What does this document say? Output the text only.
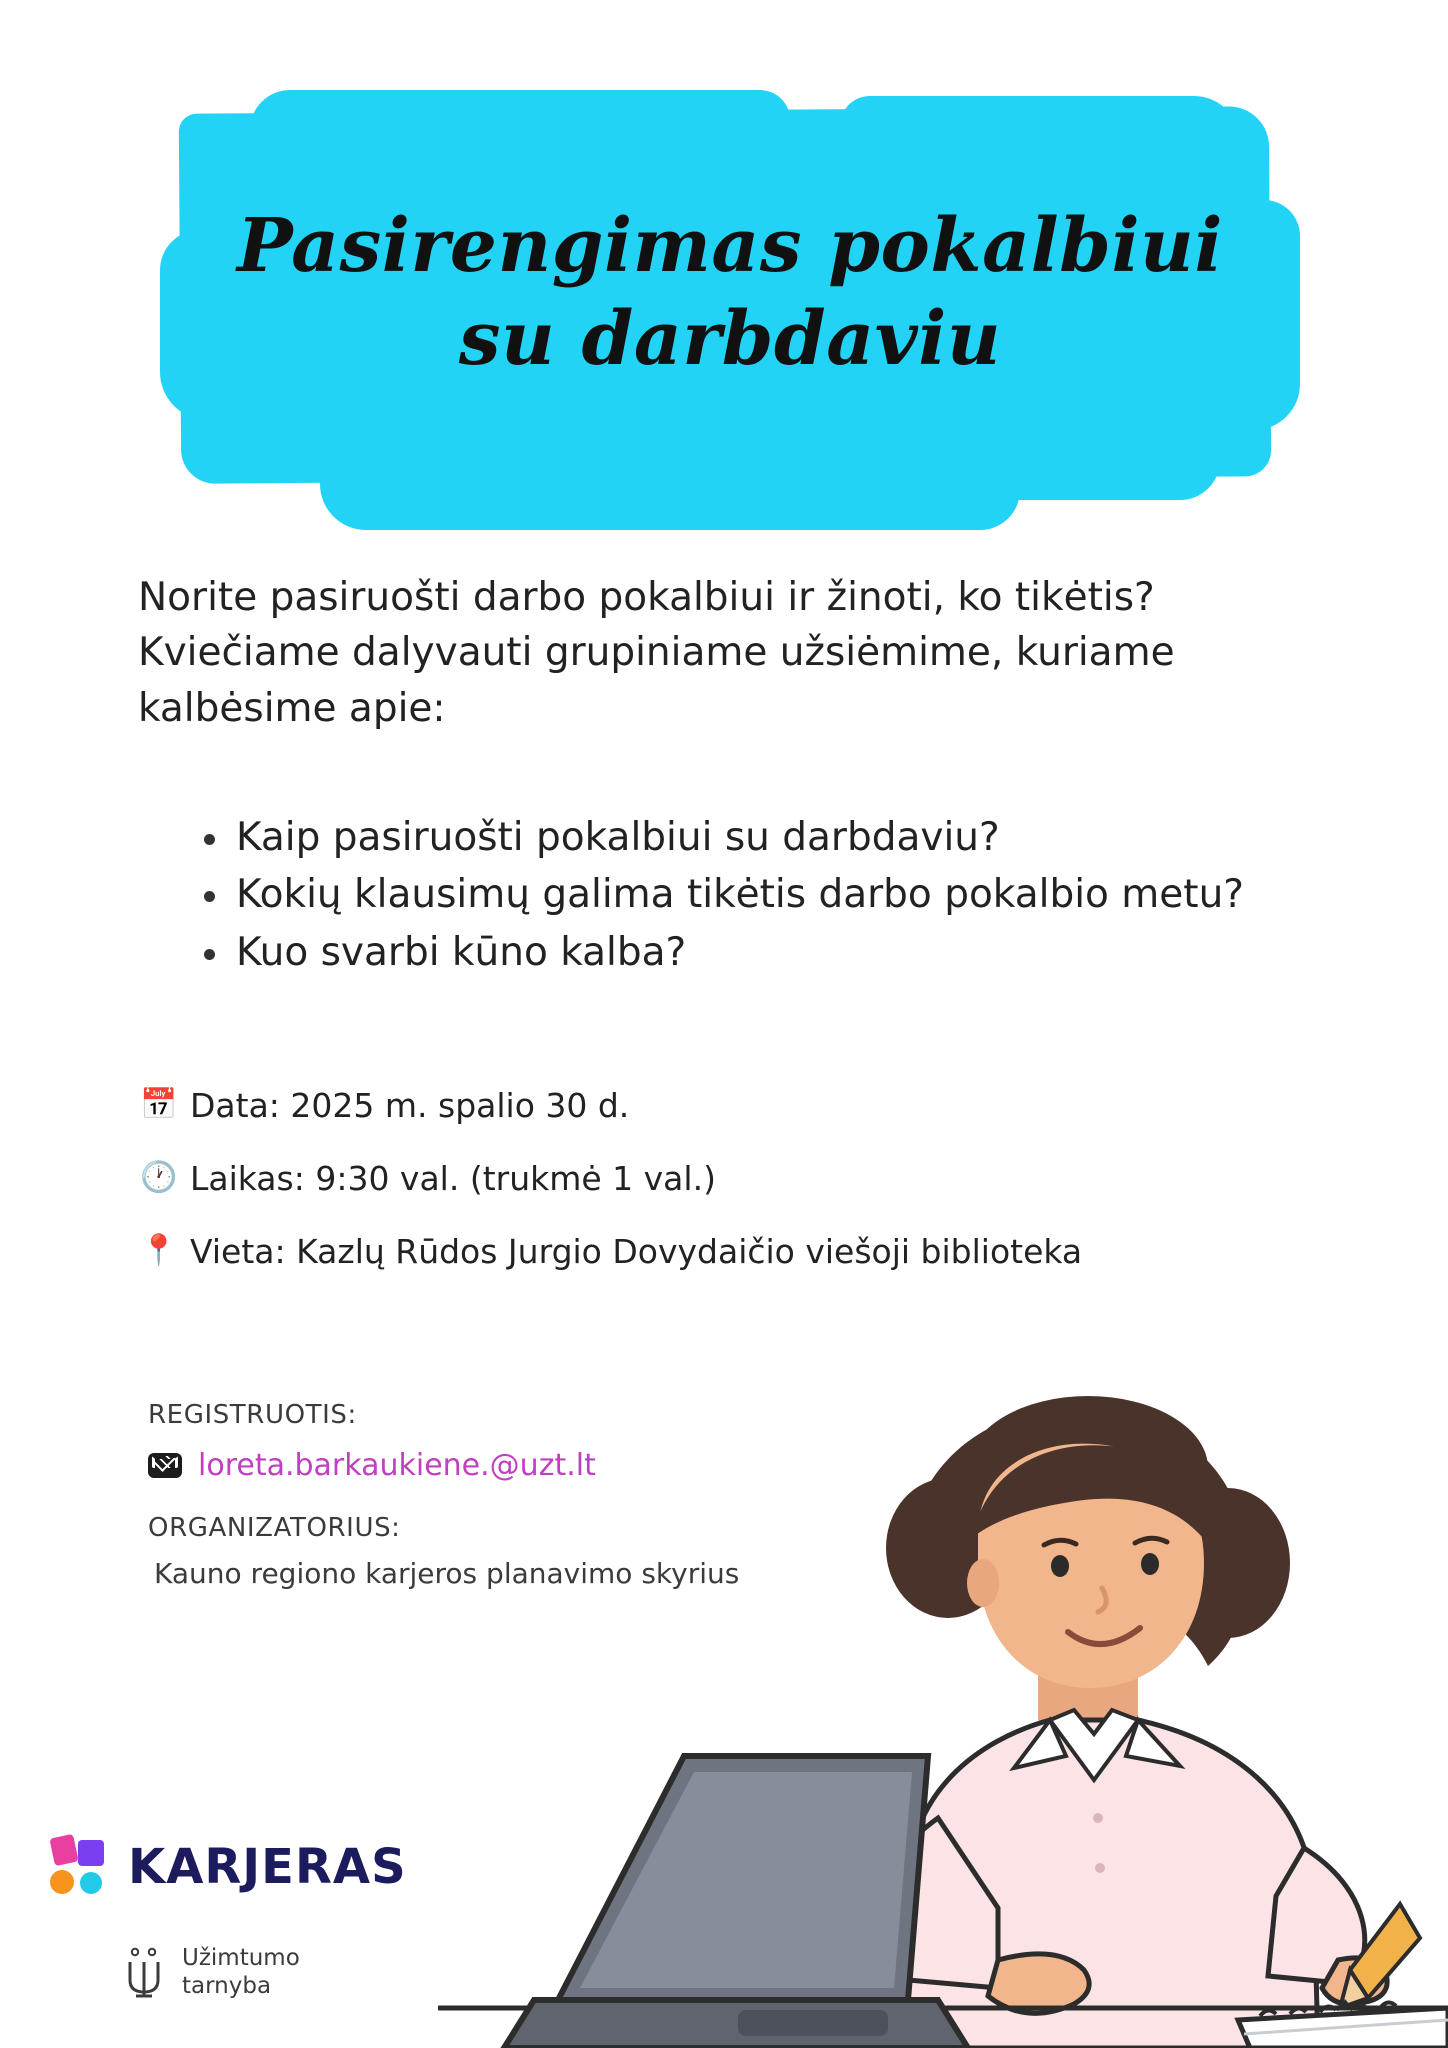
Pasirengimas pokalbiui su darbdaviu
Norite pasiruošti darbo pokalbiui ir žinoti, ko tikėtis? Kviečiame dalyvauti grupiniame užsiėmime, kuriame kalbėsime apie:
Kaip pasiruošti pokalbiui su darbdaviu?
Kokių klausimų galima tikėtis darbo pokalbio metu?
Kuo svarbi kūno kalba?
📅 Data: 2025 m. spalio 30 d.
🕐 Laikas: 9:30 val. (trukmė 1 val.)
📍 Vieta: Kazlų Rūdos Jurgio Dovydaičio viešoji biblioteka
REGISTRUOTIS:
loreta.barkaukiene.@uzt.lt
ORGANIZATORIUS:
Kauno regiono karjeros planavimo skyrius
KARJERAS
Užimtumo
tarnyba
